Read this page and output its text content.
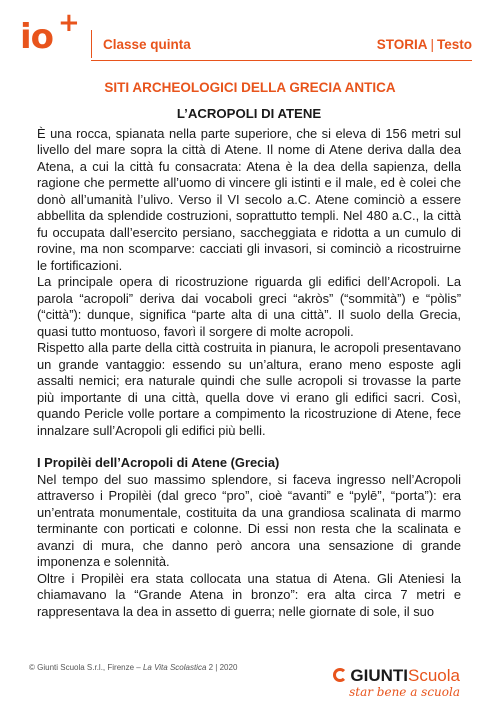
io +
Classe quinta	STORIA | Testo
SITI ARCHEOLOGICI DELLA GRECIA ANTICA

L’ACROPOLI DI ATENE

È una rocca, spianata nella parte superiore, che si eleva di 156 metri sul livello del mare sopra la città di Atene. Il nome di Atene deriva dalla dea Atena, a cui la città fu consacrata: Atena è la dea della sapienza, della ragione che permette all’uomo di vincere gli istinti e il male, ed è colei che donò all’umanità l’ulivo. Verso il VI secolo a.C. Atene cominciò a essere abbellita da splendide costruzioni, soprattutto templi. Nel 480 a.C., la città fu occupata dall’esercito persiano, saccheggiata e ridotta a un cumulo di rovine, ma non scomparve: cacciati gli invasori, si cominciò a ricostruirne le fortificazioni.

La principale opera di ricostruzione riguarda gli edifici dell’Acropoli. La parola “acropoli” deriva dai vocaboli greci “akròs” (“sommità”) e “pòlis” (“città”): dunque, significa “parte alta di una città”. Il suolo della Grecia, quasi tutto montuoso, favorì il sorgere di molte acropoli.

Rispetto alla parte della città costruita in pianura, le acropoli presentavano un grande vantaggio: essendo su un’altura, erano meno esposte agli assalti nemici; era naturale quindi che sulle acropoli si trovasse la parte più importante di una città, quella dove vi erano gli edifici sacri. Così, quando Pericle volle portare a compimento la ricostruzione di Atene, fece innalzare sull’Acropoli gli edifici più belli.

I Propilèi dell’Acropoli di Atene (Grecia)

Nel tempo del suo massimo splendore, si faceva ingresso nell’Acropoli attraverso i Propilèi (dal greco “pro”, cioè “avanti” e “pylē”, “porta”): era un’entrata monumentale, costituita da una grandiosa scalinata di marmo terminante con porticati e colonne. Di essi non resta che la scalinata e avanzi di mura, che danno però ancora una sensazione di grande imponenza e solennità.

Oltre i Propilèi era stata collocata una statua di Atena. Gli Ateniesi la chiamavano la “Grande Atena in bronzo”: era alta circa 7 metri e rappresentava la dea in assetto di guerra; nelle giornate di sole, il suo

© Giunti Scuola S.r.l., Firenze – La Vita Scolastica 2 | 2020	GIUNTIScuola
star bene a scuola
